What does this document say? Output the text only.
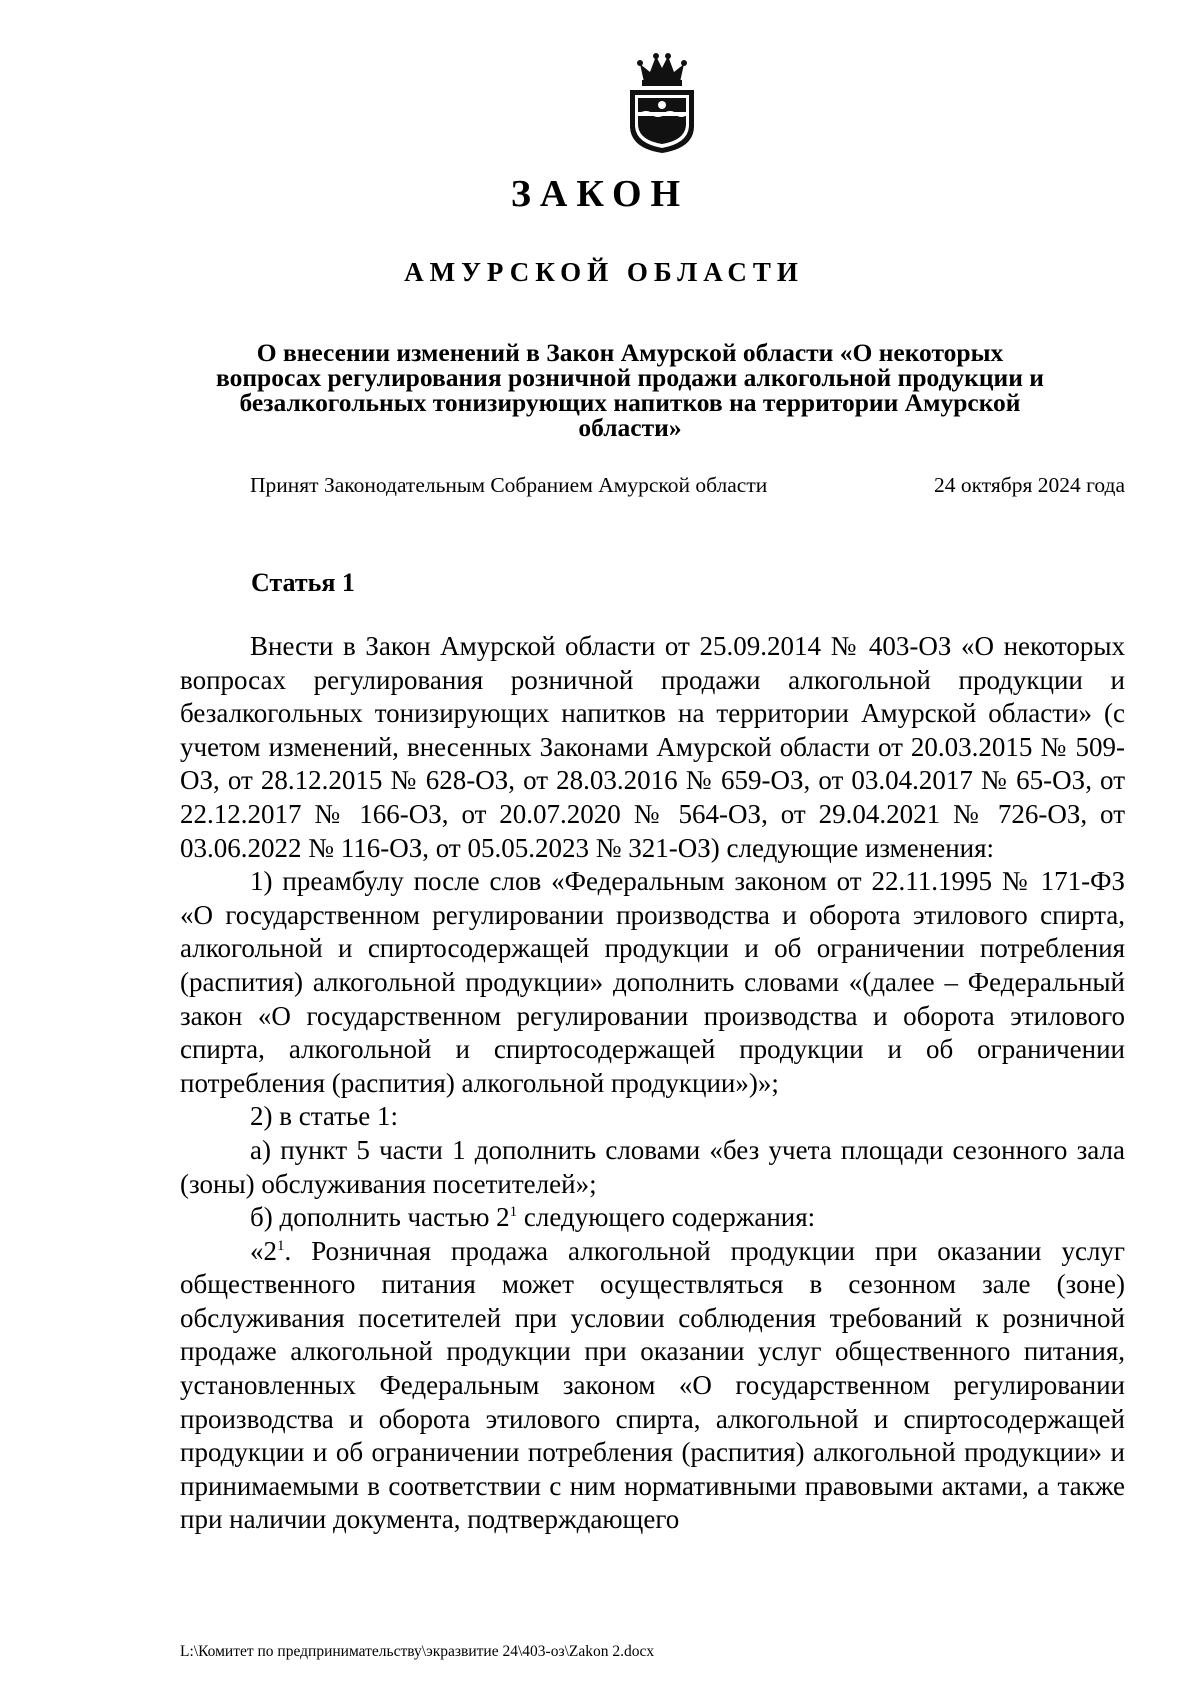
ЗАКОН
АМУРСКОЙ ОБЛАСТИ
О внесении изменений в Закон Амурской области «О некоторых
вопросах регулирования розничной продажи алкогольной продукции и
безалкогольных тонизирующих напитков на территории Амурской
области»
Принят Законодательным Собранием Амурской области	24 октября 2024 года
Статья 1

Внести в Закон Амурской области от 25.09.2014 № 403-ОЗ «О некоторых вопросах регулирования розничной продажи алкогольной продукции и безалкогольных тонизирующих напитков на территории Амурской области» (с учетом изменений, внесенных Законами Амурской области от 20.03.2015 № 509-ОЗ, от 28.12.2015 № 628-ОЗ, от 28.03.2016 № 659-ОЗ, от 03.04.2017 № 65-ОЗ, от 22.12.2017 № 166-ОЗ, от 20.07.2020 № 564-ОЗ, от 29.04.2021 № 726-ОЗ, от 03.06.2022 № 116-ОЗ, от 05.05.2023 № 321-ОЗ) следующие изменения:

1) преамбулу после слов «Федеральным законом от 22.11.1995 № 171-ФЗ «О государственном регулировании производства и оборота этилового спирта, алкогольной и спиртосодержащей продукции и об ограничении потребления (распития) алкогольной продукции» дополнить словами «(далее – Федеральный закон «О государственном регулировании производства и оборота этилового спирта, алкогольной и спиртосодержащей продукции и об ограничении потребления (распития) алкогольной продукции»)»;

2) в статье 1:

а) пункт 5 части 1 дополнить словами «без учета площади сезонного зала (зоны) обслуживания посетителей»;

б) дополнить частью $2^1$ следующего содержания:

«$2^1$. Розничная продажа алкогольной продукции при оказании услуг общественного питания может осуществляться в сезонном зале (зоне) обслуживания посетителей при условии соблюдения требований к розничной продаже алкогольной продукции при оказании услуг общественного питания, установленных Федеральным законом «О государственном регулировании производства и оборота этилового спирта, алкогольной и спиртосодержащей продукции и об ограничении потребления (распития) алкогольной продукции» и принимаемыми в соответствии с ним нормативными правовыми актами, а также при наличии документа, подтверждающего

L:\Комитет по предпринимательству\экразвитие 24\403-оз\Zakon 2.docx
